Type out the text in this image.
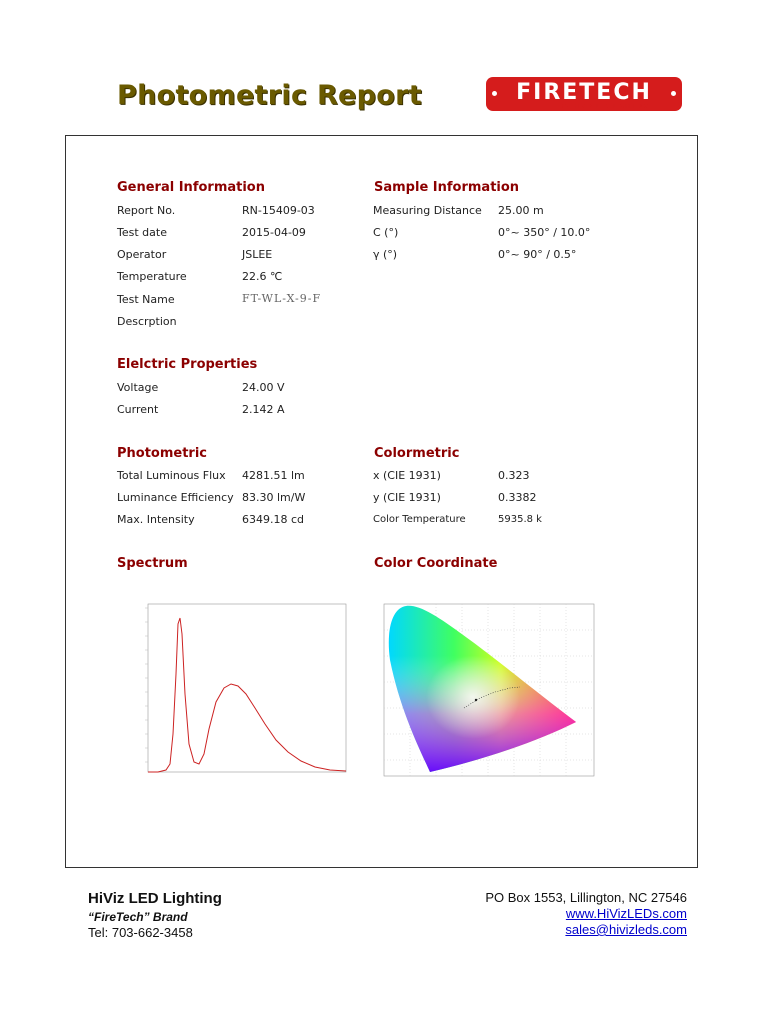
Photometric Report	FIRETECH
BY HIVIZ LED LIGHTING
General Information
Report No.	RN-15409-03
Test date	2015-04-09
Operator	JSLEE
Temperature	22.6 ℃
Test Name	FT-WL-X-9-F
Descrption
Sample Information
Measuring Distance 25.00 m
C (°)	0°~ 350° / 10.0°
γ (°)	0°~ 90° / 0.5°
Elelctric Properties
Voltage	24.00 V
Current	2.142 A
Photometric
Total Luminous Flux 4281.51 lm
Luminance Efficiency 83.30 lm/W
Max. Intensity	6349.18 cd
Colormetric
x (CIE 1931)	0.323
y (CIE 1931)	0.3382
Color Temperature	5935.8 k
Spectrum	Color Coordinate
HiViz LED Lighting
“FireTech” Brand
Tel: 703-662-3458
PO Box 1553, Lillington, NC 27546
www.HiVizLEDs.com
sales@hivizleds.com
